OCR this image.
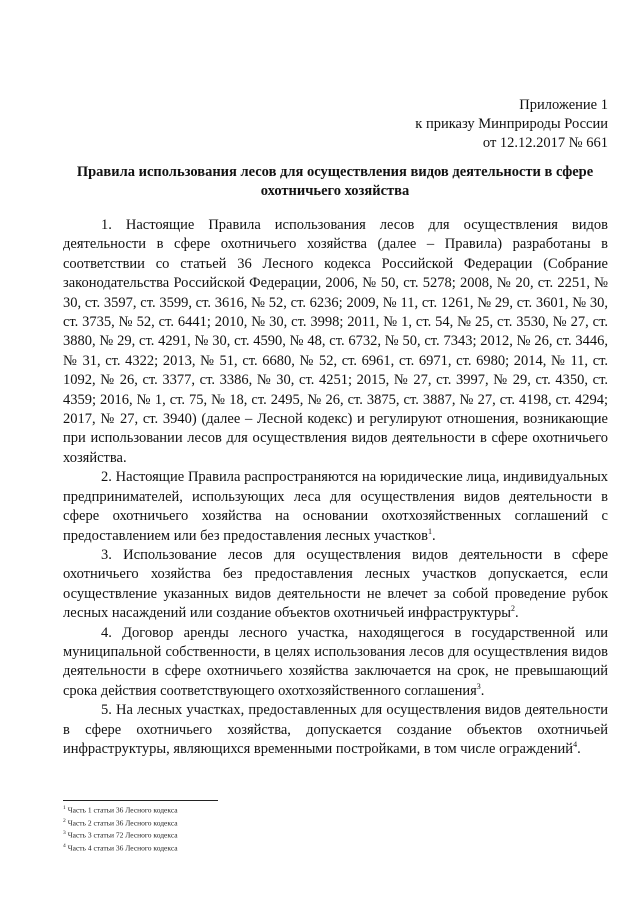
Приложение 1
к приказу Минприроды России
от 12.12.2017 № 661
Правила использования лесов для осуществления видов деятельности в сфере охотничьего хозяйства

1. Настоящие Правила использования лесов для осуществления видов деятельности в сфере охотничьего хозяйства (далее – Правила) разработаны в соответствии со статьей 36 Лесного кодекса Российской Федерации (Собрание законодательства Российской Федерации, 2006, № 50, ст. 5278; 2008, № 20, ст. 2251, № 30, ст. 3597, ст. 3599, ст. 3616, № 52, ст. 6236; 2009, № 11, ст. 1261, № 29, ст. 3601, № 30, ст. 3735, № 52, ст. 6441; 2010, № 30, ст. 3998; 2011, № 1, ст. 54, № 25, ст. 3530, № 27, ст. 3880, № 29, ст. 4291, № 30, ст. 4590, № 48, ст. 6732, № 50, ст. 7343; 2012, № 26, ст. 3446, № 31, ст. 4322; 2013, № 51, ст. 6680, № 52, ст. 6961, ст. 6971, ст. 6980; 2014, № 11, ст. 1092, № 26, ст. 3377, ст. 3386, № 30, ст. 4251; 2015, № 27, ст. 3997, № 29, ст. 4350, ст. 4359; 2016, № 1, ст. 75, № 18, ст. 2495, № 26, ст. 3875, ст. 3887, № 27, ст. 4198, ст. 4294; 2017, № 27, ст. 3940) (далее – Лесной кодекс) и регулируют отношения, возникающие при использовании лесов для осуществления видов деятельности в сфере охотничьего хозяйства.

2. Настоящие Правила распространяются на юридические лица, индивидуальных предпринимателей, использующих леса для осуществления видов деятельности в сфере охотничьего хозяйства на основании охотхозяйственных соглашений с предоставлением или без предоставления лесных участков$^1$.

3. Использование лесов для осуществления видов деятельности в сфере охотничьего хозяйства без предоставления лесных участков допускается, если осуществление указанных видов деятельности не влечет за собой проведение рубок лесных насаждений или создание объектов охотничьей инфраструктуры$^2$.

4. Договор аренды лесного участка, находящегося в государственной или муниципальной собственности, в целях использования лесов для осуществления видов деятельности в сфере охотничьего хозяйства заключается на срок, не превышающий срока действия соответствующего охотхозяйственного соглашения$^3$.

5. На лесных участках, предоставленных для осуществления видов деятельности в сфере охотничьего хозяйства, допускается создание объектов охотничьей инфраструктуры, являющихся временными постройками, в том числе ограждений$^4$.

$^1$ Часть 1 статьи 36 Лесного кодекса
$^2$ Часть 2 статьи 36 Лесного кодекса
$^3$ Часть 3 статьи 72 Лесного кодекса
$^4$ Часть 4 статьи 36 Лесного кодекса
